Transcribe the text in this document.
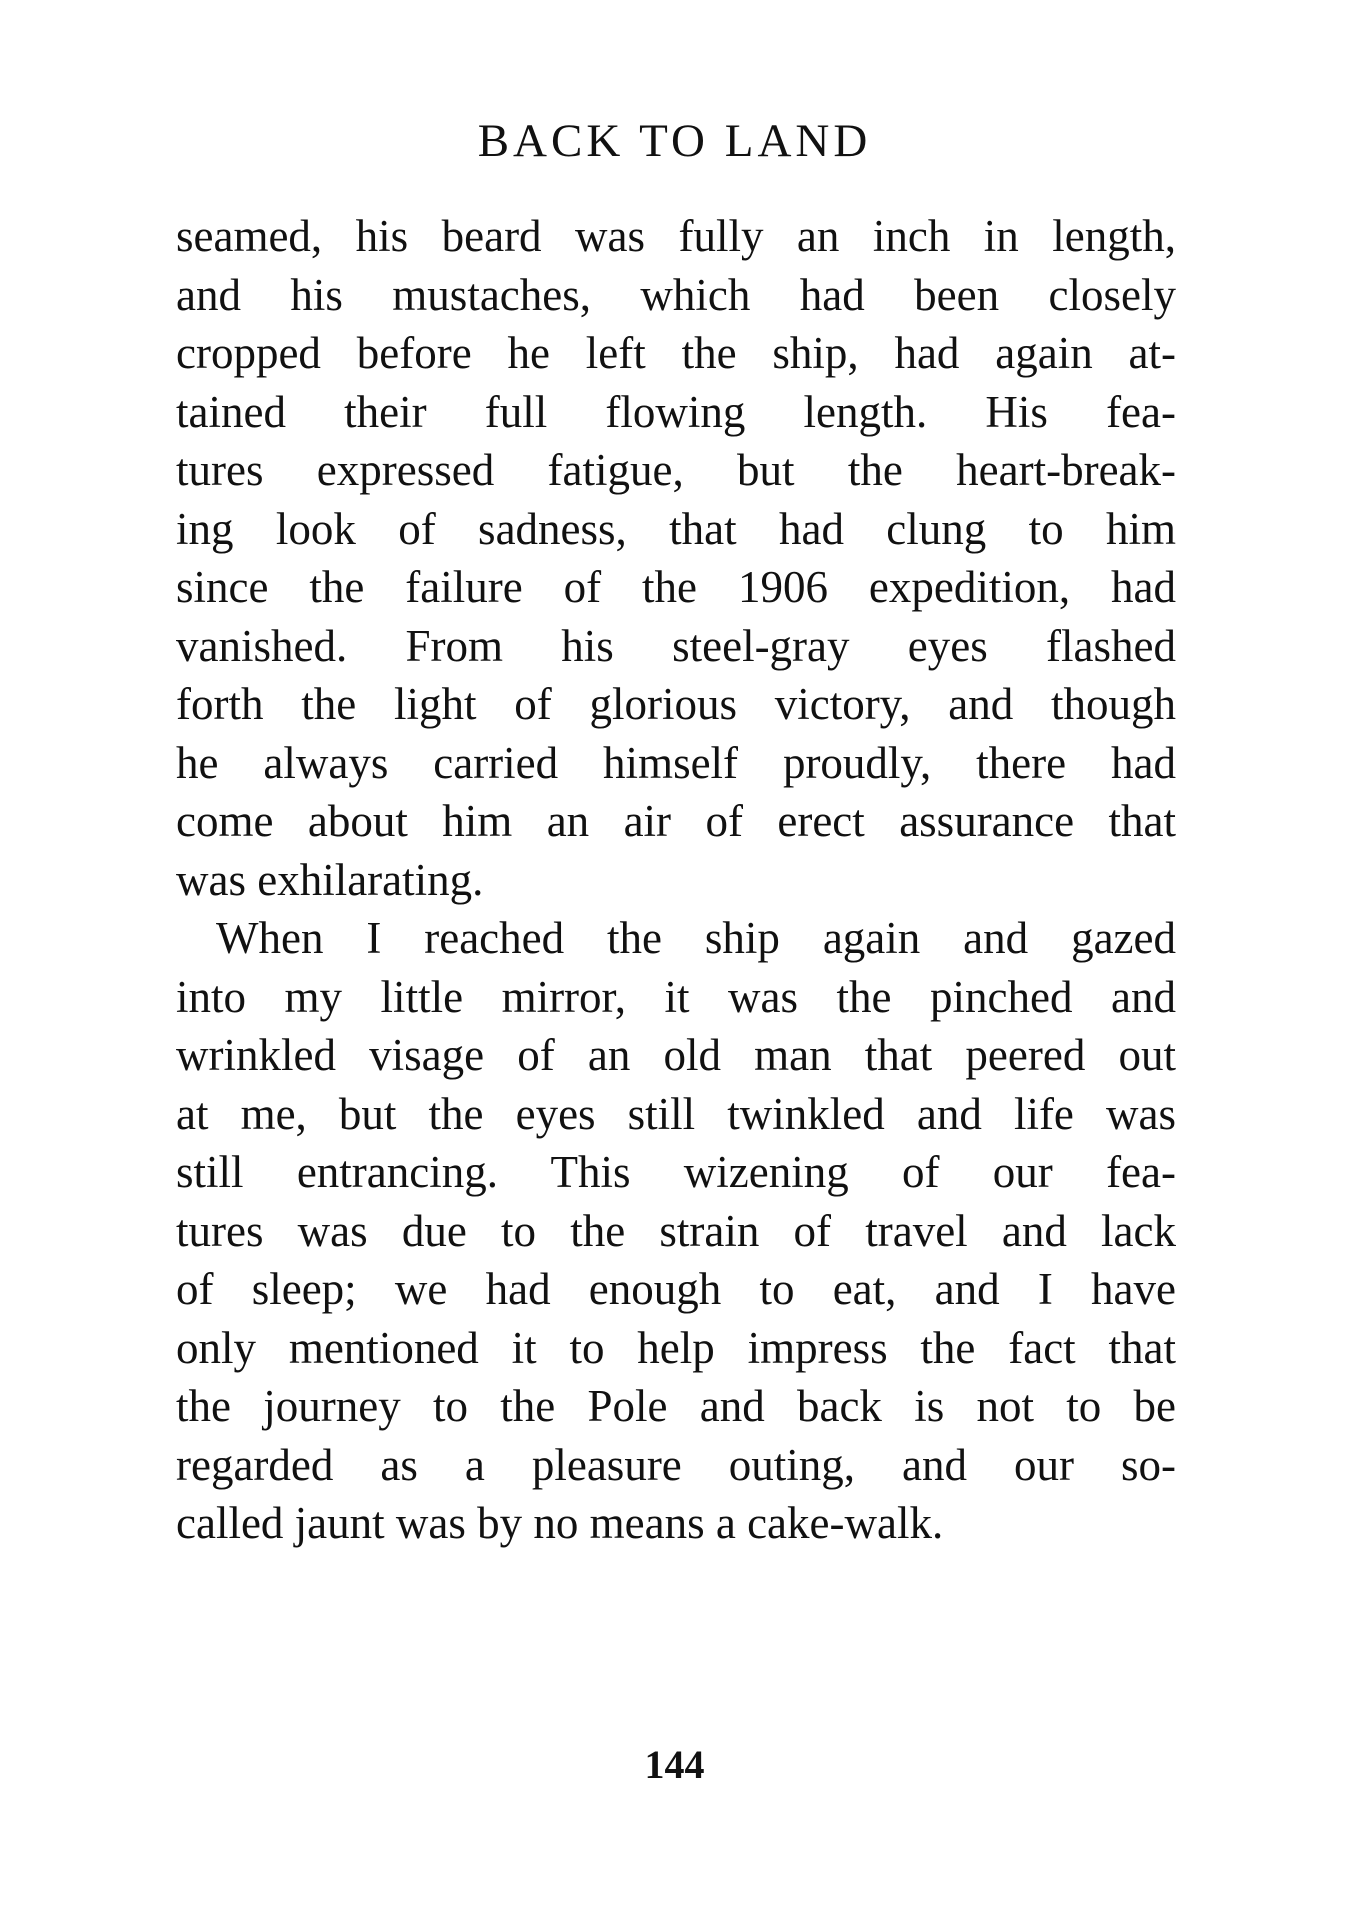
BACK TO LAND
seamed, his beard was fully an inch in length,
and his mustaches, which had been closely
cropped before he left the ship, had again at-
tained their full flowing length. His fea-
tures expressed fatigue, but the heart-break-
ing look of sadness, that had clung to him
since the failure of the 1906 expedition, had
vanished. From his steel-gray eyes flashed
forth the light of glorious victory, and though
he always carried himself proudly, there had
come about him an air of erect assurance that
was exhilarating.
When I reached the ship again and gazed
into my little mirror, it was the pinched and
wrinkled visage of an old man that peered out
at me, but the eyes still twinkled and life was
still entrancing. This wizening of our fea-
tures was due to the strain of travel and lack
of sleep; we had enough to eat, and I have
only mentioned it to help impress the fact that
the journey to the Pole and back is not to be
regarded as a pleasure outing, and our so-
called jaunt was by no means a cake-walk.
144
